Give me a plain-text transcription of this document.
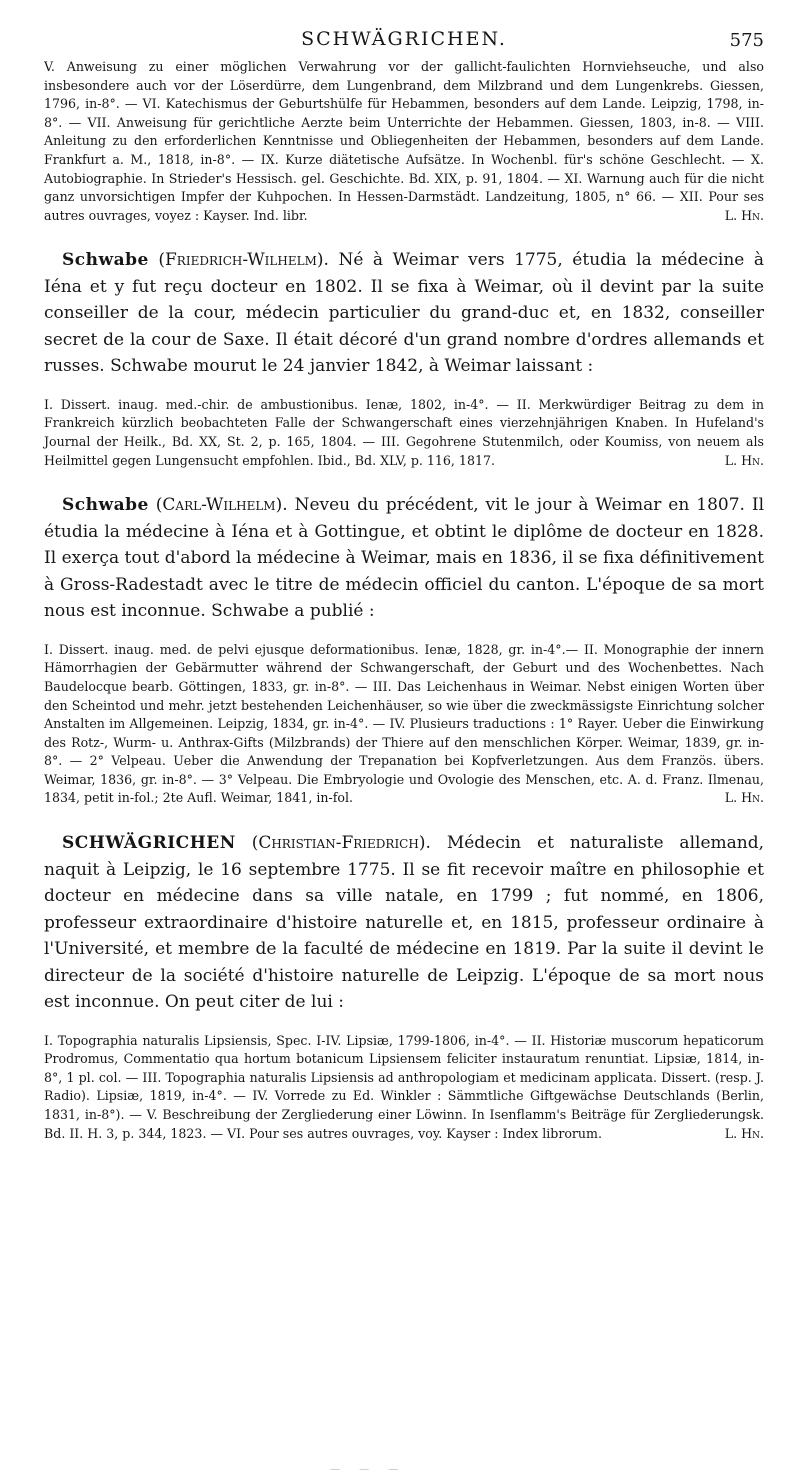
SCHWÄGRICHEN.	575

V. Anweisung zu einer möglichen Verwahrung vor der gallicht-faulichten Hornviehseuche, und also insbesondere auch vor der Löserdürre, dem Lungenbrand, dem Milzbrand und dem Lungenkrebs. Giessen, 1796, in-8°. — VI. Katechismus der Geburtshülfe für Hebammen, besonders auf dem Lande. Leipzig, 1798, in-8°. — VII. Anweisung für gerichtliche Aerzte beim Unterrichte der Hebammen. Giessen, 1803, in-8. — VIII. Anleitung zu den erforderlichen Kenntnisse und Obliegenheiten der Hebammen, besonders auf dem Lande. Frankfurt a. M., 1818, in-8°. — IX. Kurze diätetische Aufsätze. In Wochenbl. für's schöne Geschlecht. — X. Autobiographie. In Strieder's Hessisch. gel. Geschichte. Bd. XIX, p. 91, 1804. — XI. Warnung auch für die nicht ganz unvorsichtigen Impfer der Kuhpochen. In Hessen-Darmstädt. Landzeitung, 1805, n° 66. — XII. Pour ses autres ouvrages, voyez : Kayser. Ind. libr.	L. Hn.

Schwabe (Friedrich-Wilhelm). Né à Weimar vers 1775, étudia la médecine à Iéna et y fut reçu docteur en 1802. Il se fixa à Weimar, où il devint par la suite conseiller de la cour, médecin particulier du grand-duc et, en 1832, conseiller secret de la cour de Saxe. Il était décoré d'un grand nombre d'ordres allemands et russes. Schwabe mourut le 24 janvier 1842, à Weimar laissant :

I. Dissert. inaug. med.-chir. de ambustionibus. Ienæ, 1802, in-4°. — II. Merkwürdiger Beitrag zu dem in Frankreich kürzlich beobachteten Falle der Schwangerschaft eines vierzehnjährigen Knaben. In Hufeland's Journal der Heilk., Bd. XX, St. 2, p. 165, 1804. — III. Gegohrene Stutenmilch, oder Koumiss, von neuem als Heilmittel gegen Lungensucht empfohlen. Ibid., Bd. XLV, p. 116, 1817.	L. Hn.

Schwabe (Carl-Wilhelm). Neveu du précédent, vit le jour à Weimar en 1807. Il étudia la médecine à Iéna et à Gottingue, et obtint le diplôme de docteur en 1828. Il exerça tout d'abord la médecine à Weimar, mais en 1836, il se fixa définitivement à Gross-Radestadt avec le titre de médecin officiel du canton. L'époque de sa mort nous est inconnue. Schwabe a publié :

I. Dissert. inaug. med. de pelvi ejusque deformationibus. Ienæ, 1828, gr. in-4°.— II. Monographie der innern Hämorrhagien der Gebärmutter während der Schwangerschaft, der Geburt und des Wochenbettes. Nach Baudelocque bearb. Göttingen, 1833, gr. in-8°. — III. Das Leichenhaus in Weimar. Nebst einigen Worten über den Scheintod und mehr. jetzt bestehenden Leichenhäuser, so wie über die zweckmässigste Einrichtung solcher Anstalten im Allgemeinen. Leipzig, 1834, gr. in-4°. — IV. Plusieurs traductions : 1° Rayer. Ueber die Einwirkung des Rotz-, Wurm- u. Anthrax-Gifts (Milzbrands) der Thiere auf den menschlichen Körper. Weimar, 1839, gr. in-8°. — 2° Velpeau. Ueber die Anwendung der Trepanation bei Kopfverletzungen. Aus dem Französ. übers. Weimar, 1836, gr. in-8°. — 3° Velpeau. Die Embryologie und Ovologie des Menschen, etc. A. d. Franz. Ilmenau, 1834, petit in-fol.; 2te Aufl. Weimar, 1841, in-fol.	L. Hn.

SCHWÄGRICHEN (Christian-Friedrich). Médecin et naturaliste allemand, naquit à Leipzig, le 16 septembre 1775. Il se fit recevoir maître en philosophie et docteur en médecine dans sa ville natale, en 1799 ; fut nommé, en 1806, professeur extraordinaire d'histoire naturelle et, en 1815, professeur ordinaire à l'Université, et membre de la faculté de médecine en 1819. Par la suite il devint le directeur de la société d'histoire naturelle de Leipzig. L'époque de sa mort nous est inconnue. On peut citer de lui :

I. Topographia naturalis Lipsiensis, Spec. I-IV. Lipsiæ, 1799-1806, in-4°. — II. Historiæ muscorum hepaticorum Prodromus, Commentatio qua hortum botanicum Lipsiensem feliciter instauratum renuntiat. Lipsiæ, 1814, in-8°, 1 pl. col. — III. Topographia naturalis Lipsiensis ad anthropologiam et medicinam applicata. Dissert. (resp. J. Radio). Lipsiæ, 1819, in-4°. — IV. Vorrede zu Ed. Winkler : Sämmtliche Giftgewächse Deutschlands (Berlin, 1831, in-8°). — V. Beschreibung der Zergliederung einer Löwinn. In Isenflamm's Beiträge für Zergliederungsk. Bd. II. H. 3, p. 344, 1823. — VI. Pour ses autres ouvrages, voy. Kayser : Index librorum.	L. Hn.

— — —
